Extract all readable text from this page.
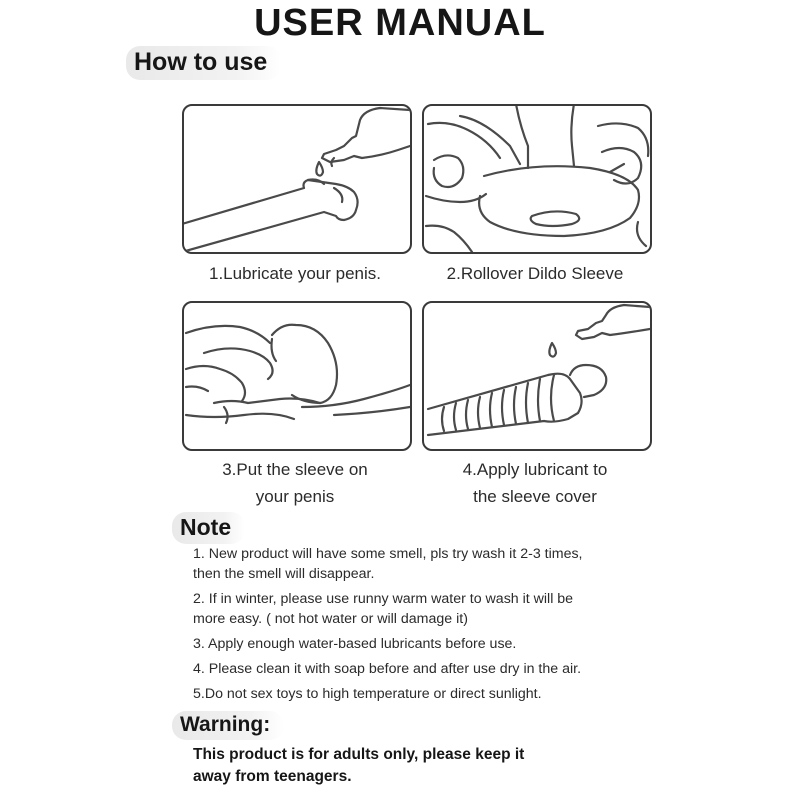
USER MANUAL
How to use
1.Lubricate your penis.	2.Rollover Dildo Sleeve
3.Put the sleeve on
your penis
4.Apply lubricant to
the sleeve cover
Note
1. New product will have some smell, pls try wash it 2-3 times,
then the smell will disappear.
2. If in winter, please use runny warm water to wash it will be
more easy. ( not hot water or will damage it)
3. Apply enough water-based lubricants before use.
4. Please clean it with soap before and after use dry in the air.
5.Do not sex toys to high temperature or direct sunlight.
Warning:
This product is for adults only, please keep it
away from teenagers.
